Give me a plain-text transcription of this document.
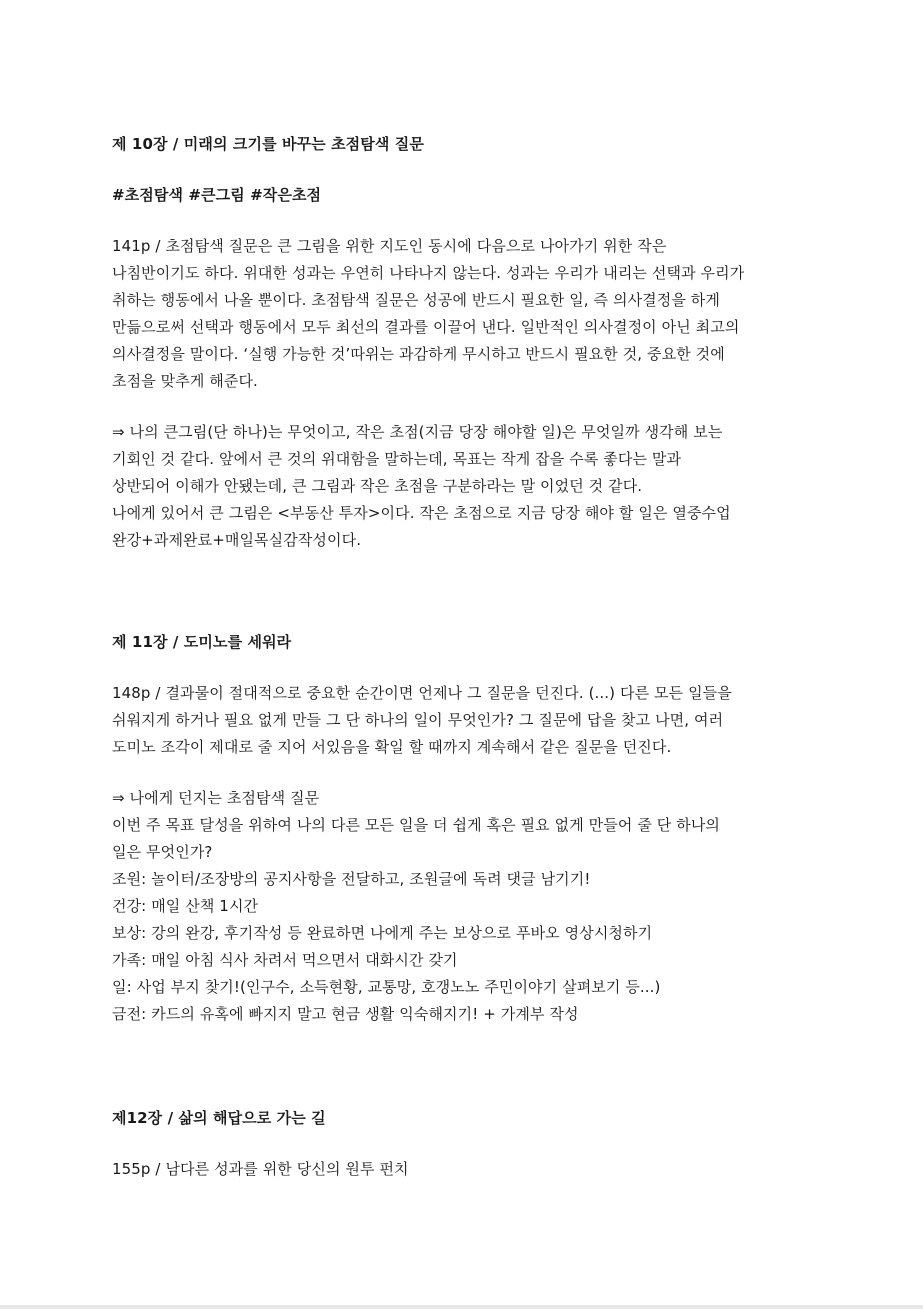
제 10장 / 미래의 크기를 바꾸는 초점탐색 질문
#초점탐색 #큰그림 #작은초점
141p / 초점탐색 질문은 큰 그림을 위한 지도인 동시에 다음으로 나아가기 위한 작은
나침반이기도 하다. 위대한 성과는 우연히 나타나지 않는다. 성과는 우리가 내리는 선택과 우리가
취하는 행동에서 나올 뿐이다. 초점탐색 질문은 성공에 반드시 필요한 일, 즉 의사결정을 하게
만듦으로써 선택과 행동에서 모두 최선의 결과를 이끌어 낸다. 일반적인 의사결정이 아닌 최고의
의사결정을 말이다. ‘실행 가능한 것’따위는 과감하게 무시하고 반드시 필요한 것, 중요한 것에
초점을 맞추게 해준다.
⇒ 나의 큰그림(단 하나)는 무엇이고, 작은 초점(지금 당장 해야할 일)은 무엇일까 생각해 보는
기회인 것 같다. 앞에서 큰 것의 위대함을 말하는데, 목표는 작게 잡을 수록 좋다는 말과
상반되어 이해가 안됐는데, 큰 그림과 작은 초점을 구분하라는 말 이었던 것 같다.
나에게 있어서 큰 그림은 <부동산 투자>이다. 작은 초점으로 지금 당장 해야 할 일은 열중수업
완강+과제완료+매일목실감작성이다.
제 11장 / 도미노를 세워라
148p / 결과물이 절대적으로 중요한 순간이면 언제나 그 질문을 던진다. (...) 다른 모든 일들을
쉬워지게 하거나 필요 없게 만들 그 단 하나의 일이 무엇인가? 그 질문에 답을 찾고 나면, 여러
도미노 조각이 제대로 줄 지어 서있음을 확일 할 때까지 계속해서 같은 질문을 던진다.
⇒ 나에게 던지는 초점탐색 질문
이번 주 목표 달성을 위하여 나의 다른 모든 일을 더 쉽게 혹은 필요 없게 만들어 줄 단 하나의
일은 무엇인가?
조원: 놀이터/조장방의 공지사항을 전달하고, 조원글에 독려 댓글 남기기!
건강: 매일 산책 1시간
보상: 강의 완강, 후기작성 등 완료하면 나에게 주는 보상으로 푸바오 영상시청하기
가족: 매일 아침 식사 차려서 먹으면서 대화시간 갖기
일: 사업 부지 찾기!(인구수, 소득현황, 교통망, 호갱노노 주민이야기 살펴보기 등...)
금전: 카드의 유혹에 빠지지 말고 현금 생활 익숙해지기! + 가계부 작성
제12장 / 삶의 해답으로 가는 길
155p / 남다른 성과를 위한 당신의 원투 펀치
